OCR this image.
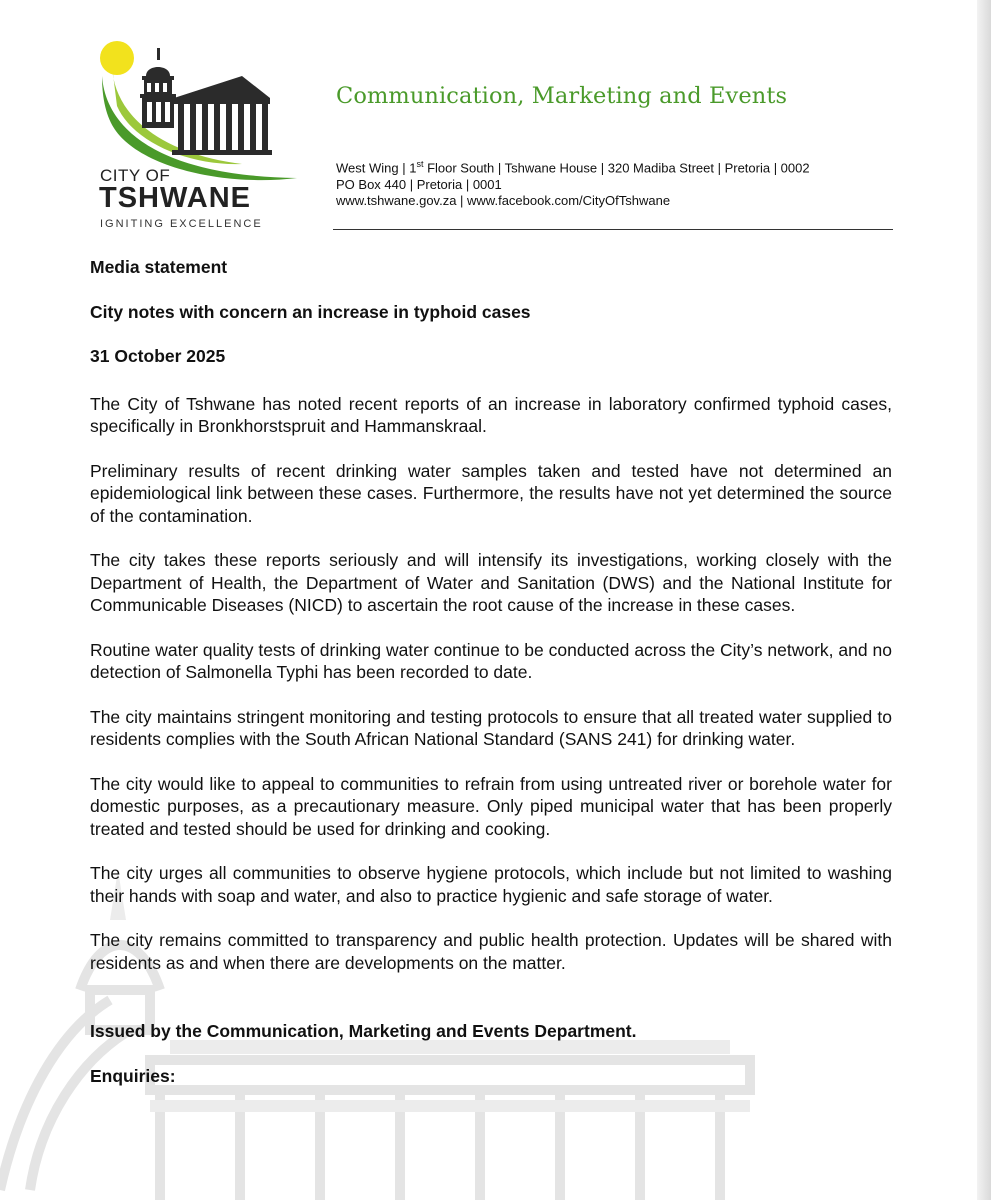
CITY OF
TSHWANE
IGNITING EXCELLENCE
Communication, Marketing and Events
West Wing | 1st Floor South | Tshwane House | 320 Madiba Street | Pretoria | 0002
PO Box 440 | Pretoria | 0001
www.tshwane.gov.za | www.facebook.com/CityOfTshwane

Media statement

City notes with concern an increase in typhoid cases

31 October 2025

The City of Tshwane has noted recent reports of an increase in laboratory confirmed typhoid cases, specifically in Bronkhorstspruit and Hammanskraal.

Preliminary results of recent drinking water samples taken and tested have not determined an epidemiological link between these cases. Furthermore, the results have not yet determined the source of the contamination.

The city takes these reports seriously and will intensify its investigations, working closely with the Department of Health, the Department of Water and Sanitation (DWS) and the National Institute for Communicable Diseases (NICD) to ascertain the root cause of the increase in these cases.

Routine water quality tests of drinking water continue to be conducted across the City’s network, and no detection of Salmonella Typhi has been recorded to date.

The city maintains stringent monitoring and testing protocols to ensure that all treated water supplied to residents complies with the South African National Standard (SANS 241) for drinking water.

The city would like to appeal to communities to refrain from using untreated river or borehole water for domestic purposes, as a precautionary measure. Only piped municipal water that has been properly treated and tested should be used for drinking and cooking.

The city urges all communities to observe hygiene protocols, which include but not limited to washing their hands with soap and water, and also to practice hygienic and safe storage of water.

The city remains committed to transparency and public health protection. Updates will be shared with residents as and when there are developments on the matter.

Issued by the Communication, Marketing and Events Department.

Enquiries:
